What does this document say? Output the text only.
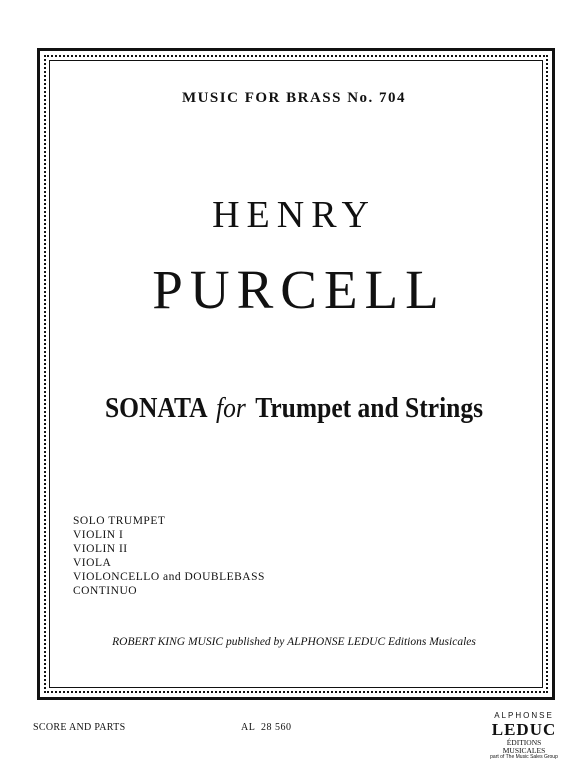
MUSIC FOR BRASS No. 704
HENRY
PURCELL
SONATA for Trumpet and Strings
SOLO TRUMPET
VIOLIN I
VIOLIN II
VIOLA
VIOLONCELLO and DOUBLEBASS
CONTINUO
ROBERT KING MUSIC published by ALPHONSE LEDUC Editions Musicales
SCORE AND PARTS	AL  28 560
ALPHONSE
LEDUC
ÉDITIONS MUSICALES
part of The Music Sales Group
